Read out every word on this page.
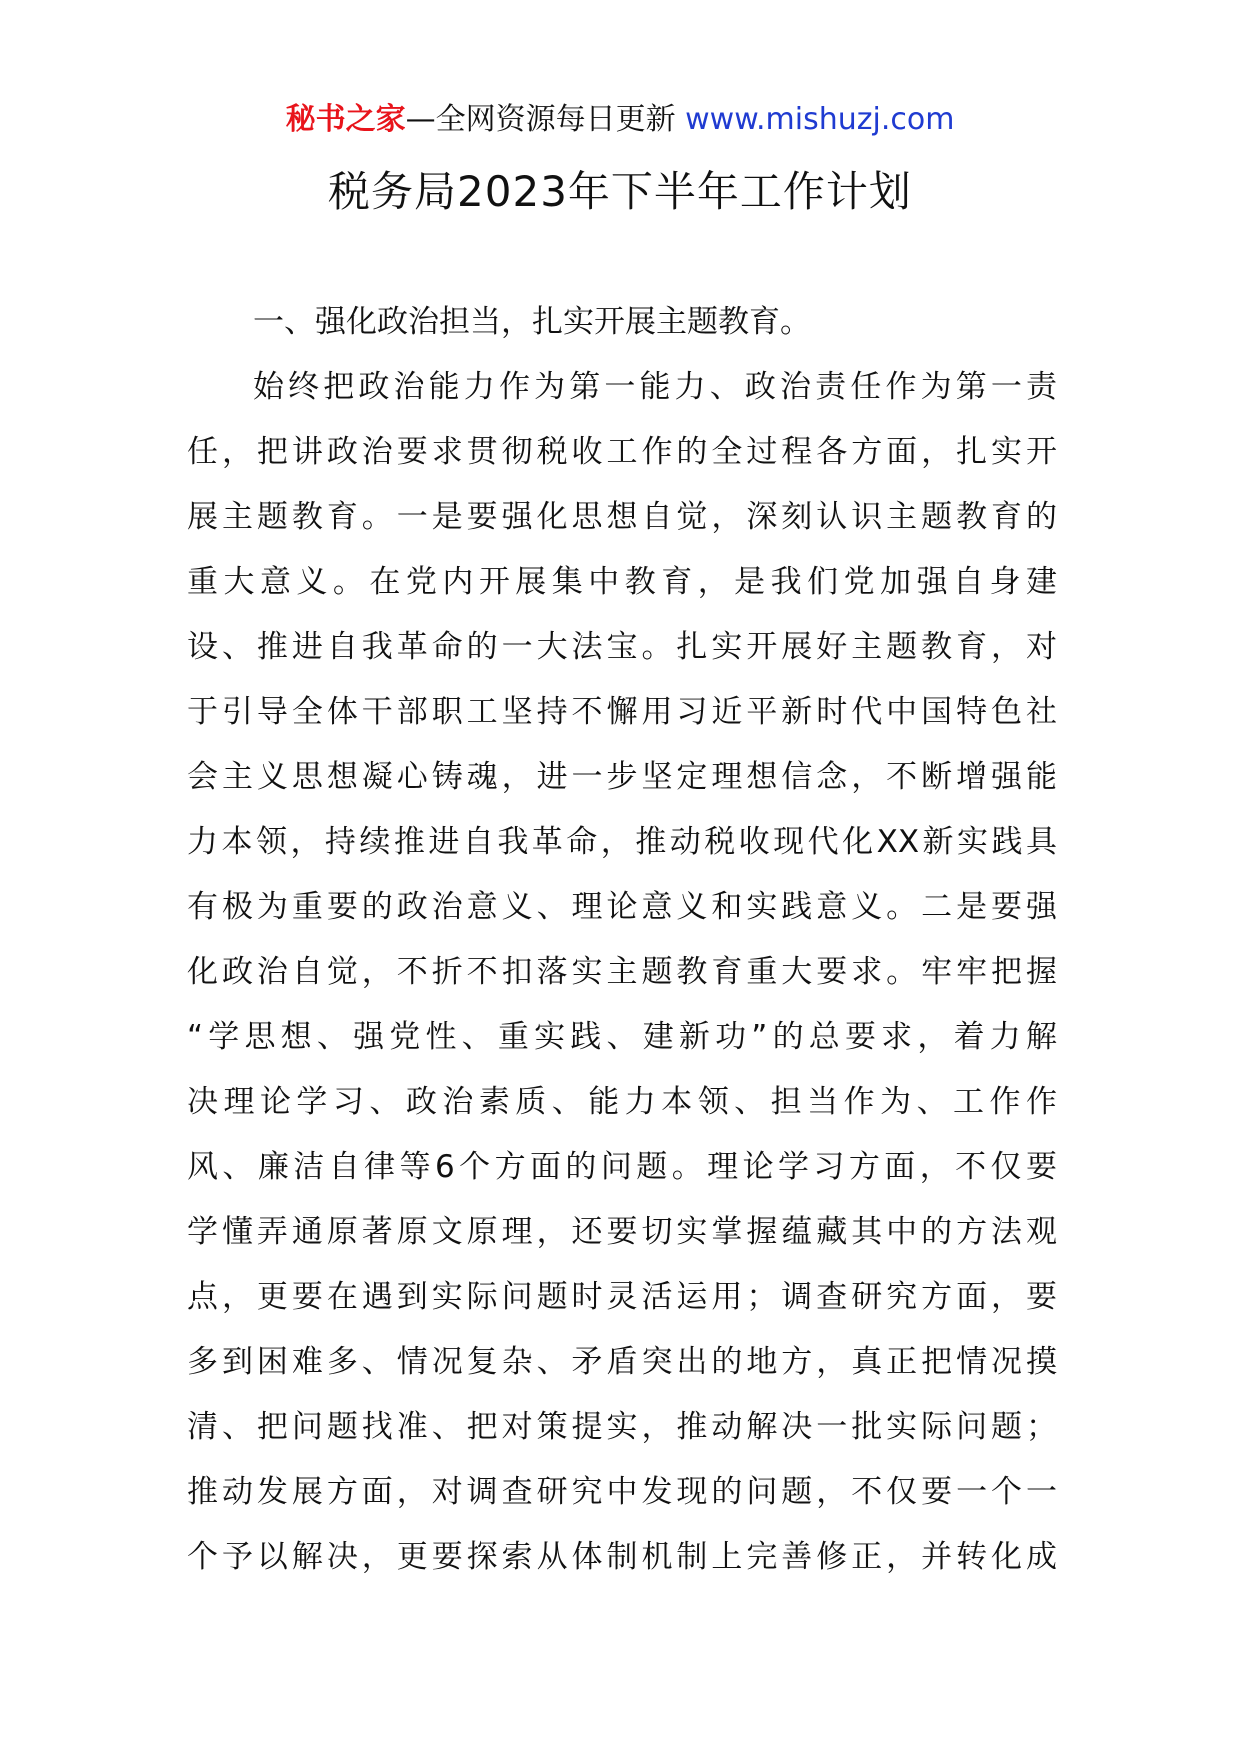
秘书之家—全网资源每日更新 www.mishuzj.com
税务局2023年下半年工作计划
一、强化政治担当，扎实开展主题教育。
始终把政治能力作为第一能力、政治责任作为第一责
任，把讲政治要求贯彻税收工作的全过程各方面，扎实开
展主题教育。一是要强化思想自觉，深刻认识主题教育的
重大意义。在党内开展集中教育，是我们党加强自身建
设、推进自我革命的一大法宝。扎实开展好主题教育，对
于引导全体干部职工坚持不懈用习近平新时代中国特色社
会主义思想凝心铸魂，进一步坚定理想信念，不断增强能
力本领，持续推进自我革命，推动税收现代化XX新实践具
有极为重要的政治意义、理论意义和实践意义。二是要强
化政治自觉，不折不扣落实主题教育重大要求。牢牢把握
“学思想、强党性、重实践、建新功”的总要求，着力解
决理论学习、政治素质、能力本领、担当作为、工作作
风、廉洁自律等6个方面的问题。理论学习方面，不仅要
学懂弄通原著原文原理，还要切实掌握蕴藏其中的方法观
点，更要在遇到实际问题时灵活运用；调查研究方面，要
多到困难多、情况复杂、矛盾突出的地方，真正把情况摸
清、把问题找准、把对策提实，推动解决一批实际问题；
推动发展方面，对调查研究中发现的问题，不仅要一个一
个予以解决，更要探索从体制机制上完善修正，并转化成
